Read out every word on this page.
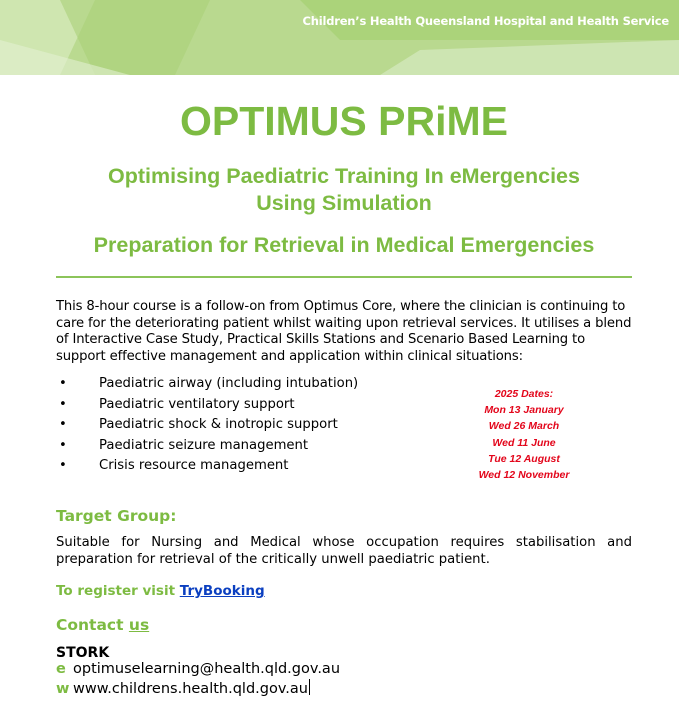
Children’s Health Queensland Hospital and Health Service
OPTIMUS PRiME
Optimising Paediatric Training In eMergencies
Using Simulation
Preparation for Retrieval in Medical Emergencies
This 8-hour course is a follow-on from Optimus Core, where the clinician is continuing to care for the deteriorating patient whilst waiting upon retrieval services. It utilises a blend of Interactive Case Study, Practical Skills Stations and Scenario Based Learning to support effective management and application within clinical situations:
• Paediatric airway (including intubation)
• Paediatric ventilatory support
• Paediatric shock & inotropic support
• Paediatric seizure management
• Crisis resource management
2025 Dates:
Mon 13 January
Wed 26 March
Wed 11 June
Tue 12 August
Wed 12 November
Target Group:
Suitable for Nursing and Medical whose occupation requires stabilisation and preparation for retrieval of the critically unwell paediatric patient.
To register visit TryBooking
Contact us
STORK
e optimuselearning@health.qld.gov.au
w www.childrens.health.qld.gov.au
